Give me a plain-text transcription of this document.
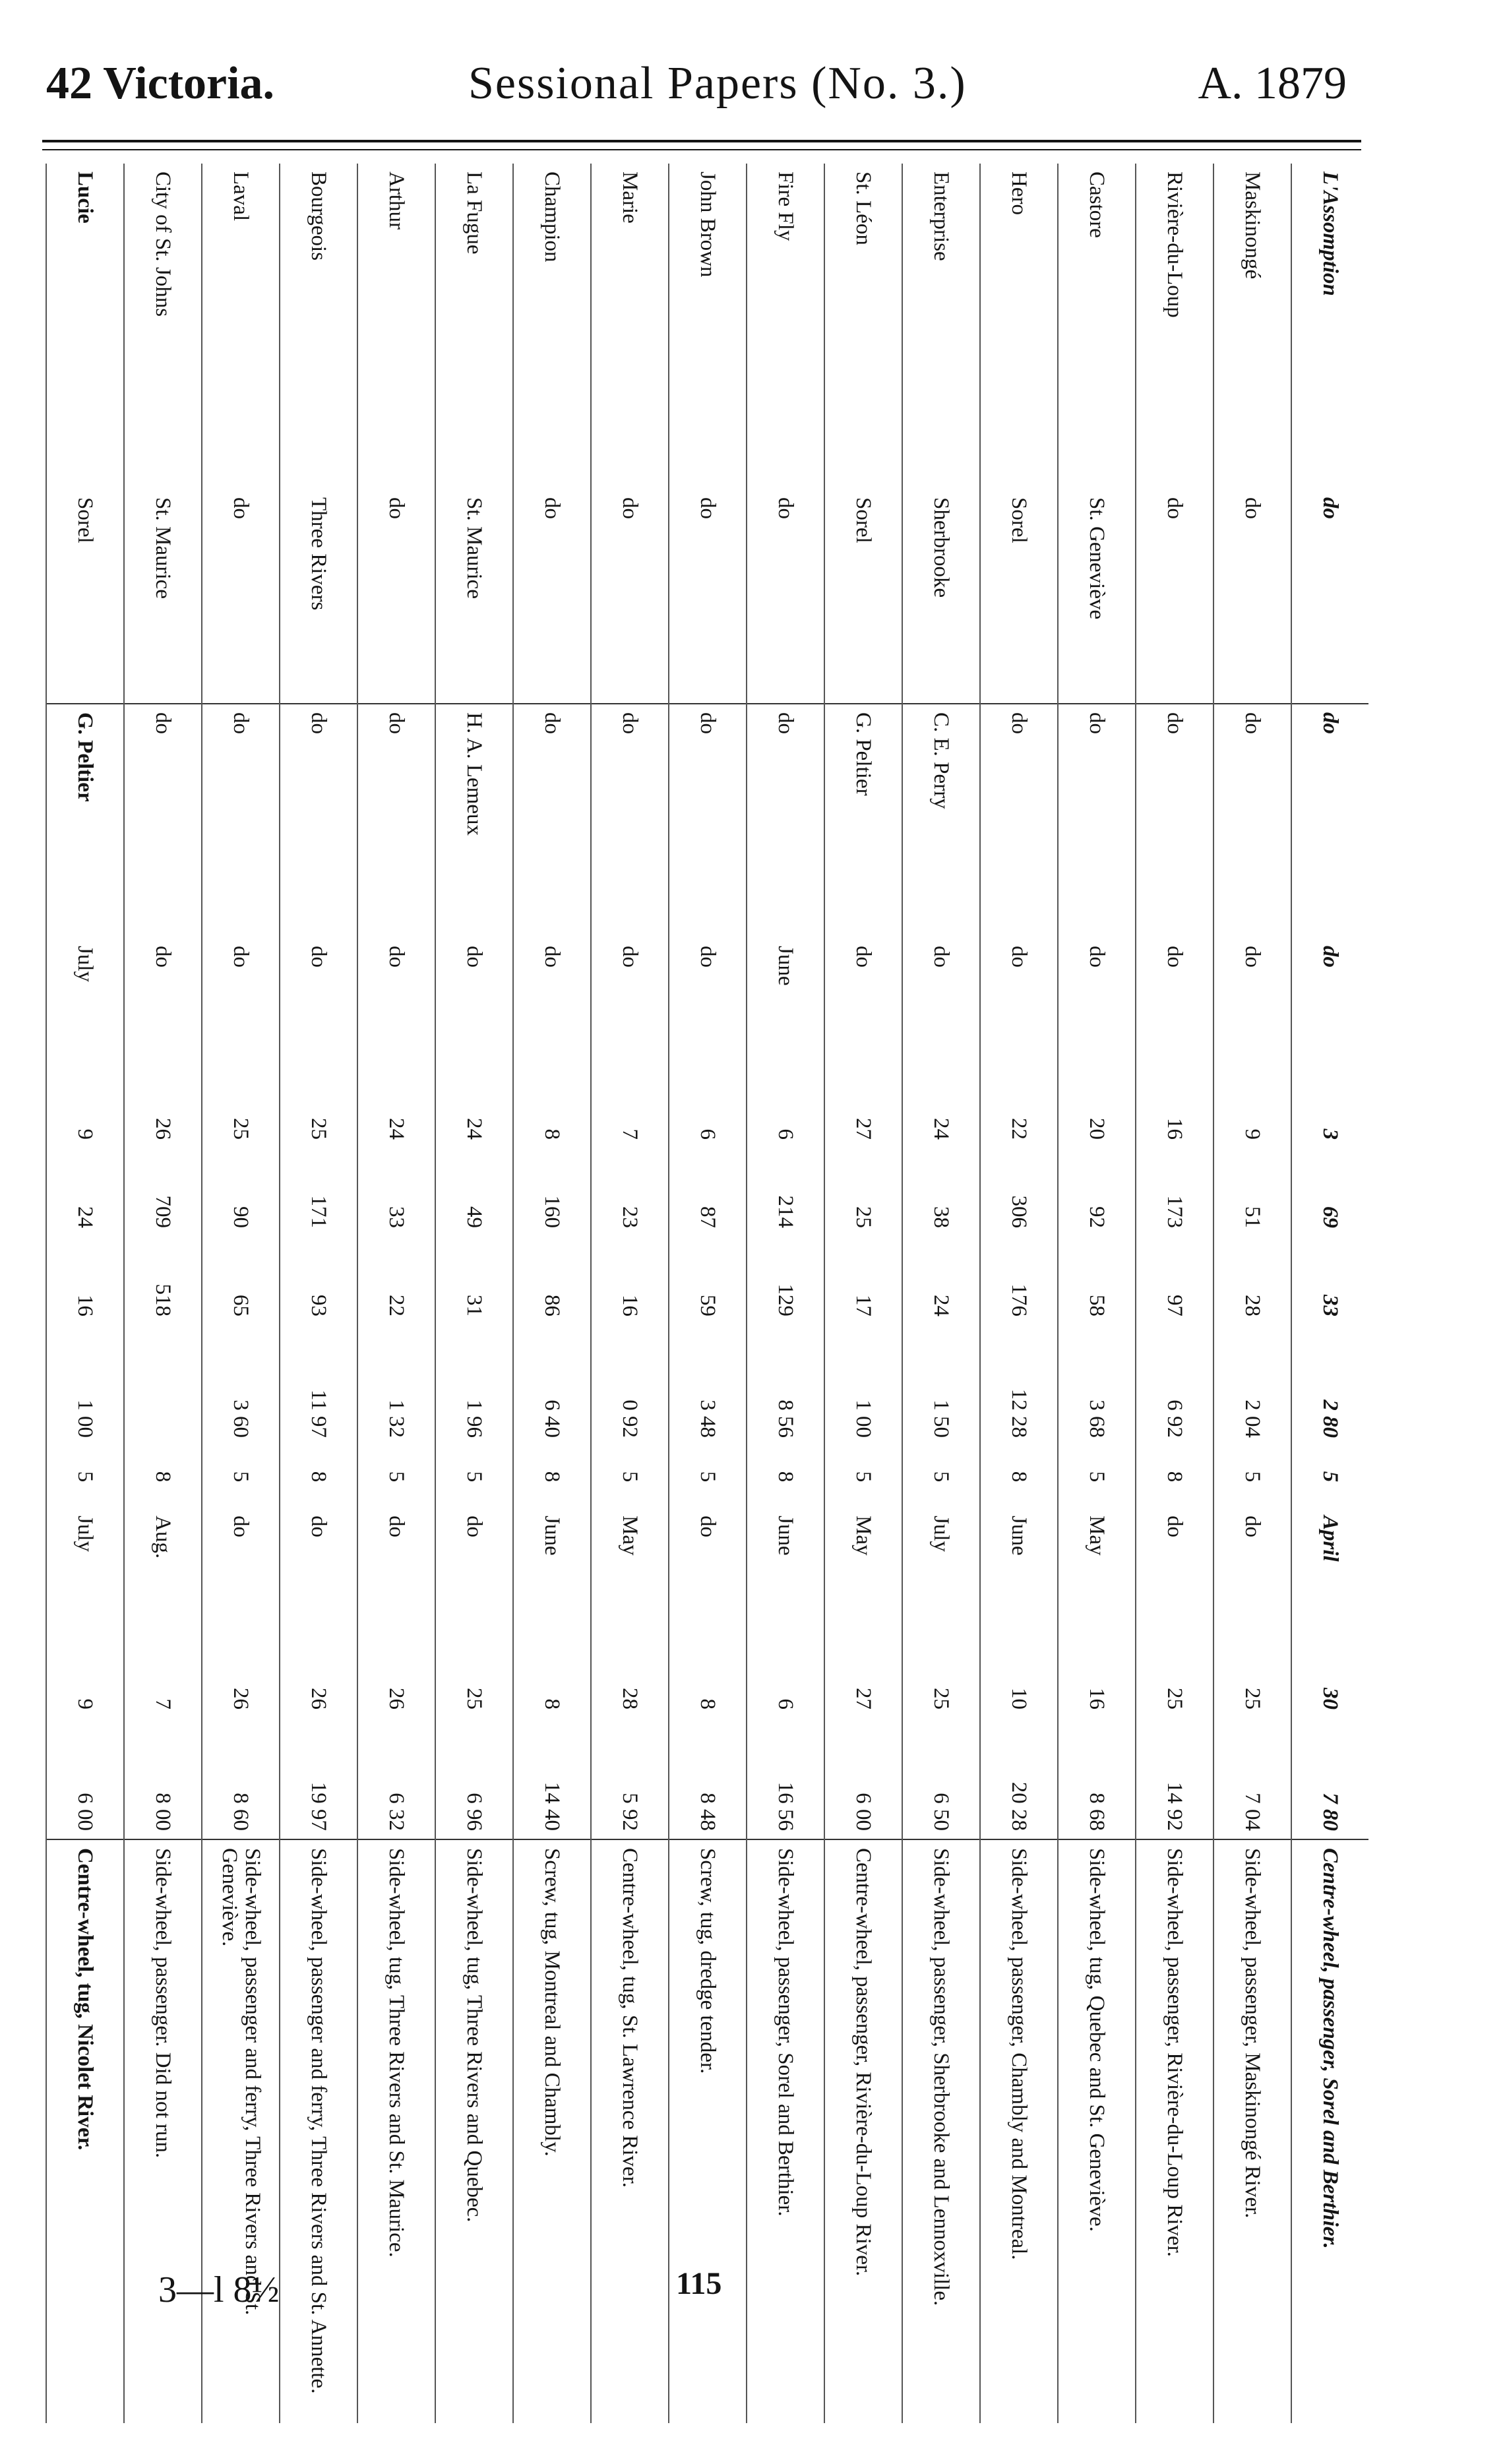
42 Victoria.	Sessional Papers (No. 3.)	A. 1879
L'Assomption	do	do	do	3	69	33	2 80	5	April	30	7 80	Centre-wheel, passenger, Sorel and Berthier.
Maskinongé	do	do	do	9	51	28	2 04	5	do	25	7 04	Side-wheel, passenger, Maskinongé River.
Rivière-du-Loup	do	do	do	16	173	97	6 92	8	do	25	14 92	Side-wheel, passenger, Rivière-du-Loup River.
Castore	St. Geneviève	do	do	20	92	58	3 68	5	May	16	8 68	Side-wheel, tug, Quebec and St. Geneviève.
Hero	Sorel	do	do	22	306	176	12 28	8	June	10	20 28	Side-wheel, passenger, Chambly and Montreal.
Enterprise	Sherbrooke	C. E. Perry	do	24	38	24	1 50	5	July	25	6 50	Side-wheel, passenger, Sherbrooke and Lennoxville.
St. Léon	Sorel	G. Peltier	do	27	25	17	1 00	5	May	27	6 00	Centre-wheel, passenger, Rivière-du-Loup River.
Fire Fly	do	do	June	6	214	129	8 56	8	June	6	16 56	Side-wheel, passenger, Sorel and Berthier.
John Brown	do	do	do	6	87	59	3 48	5	do	8	8 48	Screw, tug, dredge tender.
Marie	do	do	do	7	23	16	0 92	5	May	28	5 92	Centre-wheel, tug, St. Lawrence River.
Champion	do	do	do	8	160	86	6 40	8	June	8	14 40	Screw, tug, Montreal and Chambly.
La Fugue	St. Maurice	H. A. Lemeux	do	24	49	31	1 96	5	do	25	6 96	Side-wheel, tug, Three Rivers and Quebec.
Arthur	do	do	do	24	33	22	1 32	5	do	26	6 32	Side-wheel, tug, Three Rivers and St. Maurice.
Bourgeois	Three Rivers	do	do	25	171	93	11 97	8	do	26	19 97	Side-wheel, passenger and ferry, Three Rivers and St. Annette.
Laval	do	do	do	25	90	65	3 60	5	do	26	8 60	Side-wheel, passenger and ferry, Three Rivers and St. Geneviève.
City of St. Johns	St. Maurice	do	do	26	709	518		8	Aug.	7	8 00	Side-wheel, passenger. Did not run.
Lucie	Sorel	G. Peltier	July	9	24	16	1 00	5	July	9	6 00	Centre-wheel, tug, Nicolet River.
3—l 8½	115
